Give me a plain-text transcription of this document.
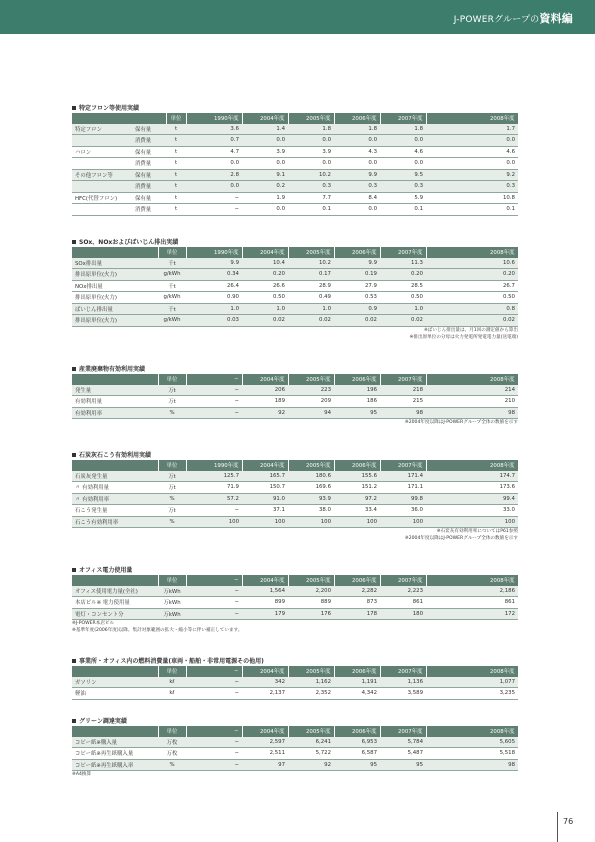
J-POWERグループの資料編
特定フロン等使用実績
		単位	1990年度	2004年度	2005年度	2006年度	2007年度	2008年度
特定フロン	保有量	t	3.6	1.4	1.8	1.8	1.8	1.7
	消費量	t	0.7	0.0	0.0	0.0	0.0	0.0
ハロン	保有量	t	4.7	3.9	3.9	4.3	4.6	4.6
	消費量	t	0.0	0.0	0.0	0.0	0.0	0.0
その他フロン等	保有量	t	2.8	9.1	10.2	9.9	9.5	9.2
	消費量	t	0.0	0.2	0.3	0.3	0.3	0.3
HFC(代替フロン)	保有量	t	−	1.9	7.7	8.4	5.9	10.8
	消費量	t	−	0.0	0.1	0.0	0.1	0.1
SOx、NOxおよびばいじん排出実績
	単位	1990年度	2004年度	2005年度	2006年度	2007年度	2008年度
SOx排出量	千t	9.9	10.4	10.2	9.9	11.3	10.6
排出原単位(火力)	g/kWh	0.34	0.20	0.17	0.19	0.20	0.20
NOx排出量	千t	26.4	26.6	28.9	27.9	28.5	26.7
排出原単位(火力)	g/kWh	0.90	0.50	0.49	0.53	0.50	0.50
ばいじん排出量	千t	1.0	1.0	1.0	0.9	1.0	0.8
排出原単位(火力)	g/kWh	0.03	0.02	0.02	0.02	0.02	0.02
※ばいじん排出量は、月1回の測定値から算出
※排出原単位の分母は火力発電所発電電力量(送電端)
産業廃棄物有効利用実績
	単位	−	2004年度	2005年度	2006年度	2007年度	2008年度
発生量	万t	−	206	223	196	218	214
有効利用量	万t	−	189	209	186	215	210
有効利用率	%	−	92	94	95	98	98
※2004年度以降はJ-POWERグループ全体の数値を示す
石炭灰石こう有効利用実績
	単位	1990年度	2004年度	2005年度	2006年度	2007年度	2008年度
石炭灰発生量	万t	125.7	165.7	180.6	155.6	171.4	174.7
〃 有効利用量	万t	71.9	150.7	169.6	151.2	171.1	173.6
〃 有効利用率	%	57.2	91.0	93.9	97.2	99.8	99.4
石こう発生量	万t	−	37.1	38.0	33.4	36.0	33.0
石こう有効利用率	%	100	100	100	100	100	100
※石炭灰有効利用率についてはP61参照
※2004年度以降はJ-POWERグループ全体の数値を示す
オフィス電力使用量
	単位	−	2004年度	2005年度	2006年度	2007年度	2008年度
オフィス使用電力量(全社)	万kWh	−	1,564	2,200	2,282	2,223	2,186
本店ビル※ 電力使用量	万kWh	−	899	889	873	861	861
電灯・コンセント分	万kWh	−	179	176	178	180	172
※J-POWER本店ビル
※基準年度(2006年度)以降、集計対象範囲の拡大・縮小等に伴い補正しています。
事業所・オフィス内の燃料消費量(車両・船舶・非常用電源その他用)
	単位	−	2004年度	2005年度	2006年度	2007年度	2008年度
ガソリン	kℓ	−	342	1,162	1,191	1,136	1,077
軽油	kℓ	−	2,137	2,352	4,342	3,589	3,235
グリーン調達実績
	単位	−	2004年度	2005年度	2006年度	2007年度	2008年度
コピー紙※購入量	万枚	−	2,597	6,241	6,953	5,784	5,605
コピー紙※再生紙購入量	万枚	−	2,511	5,722	6,587	5,487	5,518
コピー紙※再生紙購入率	%	−	97	92	95	95	98
※A4換算
76
